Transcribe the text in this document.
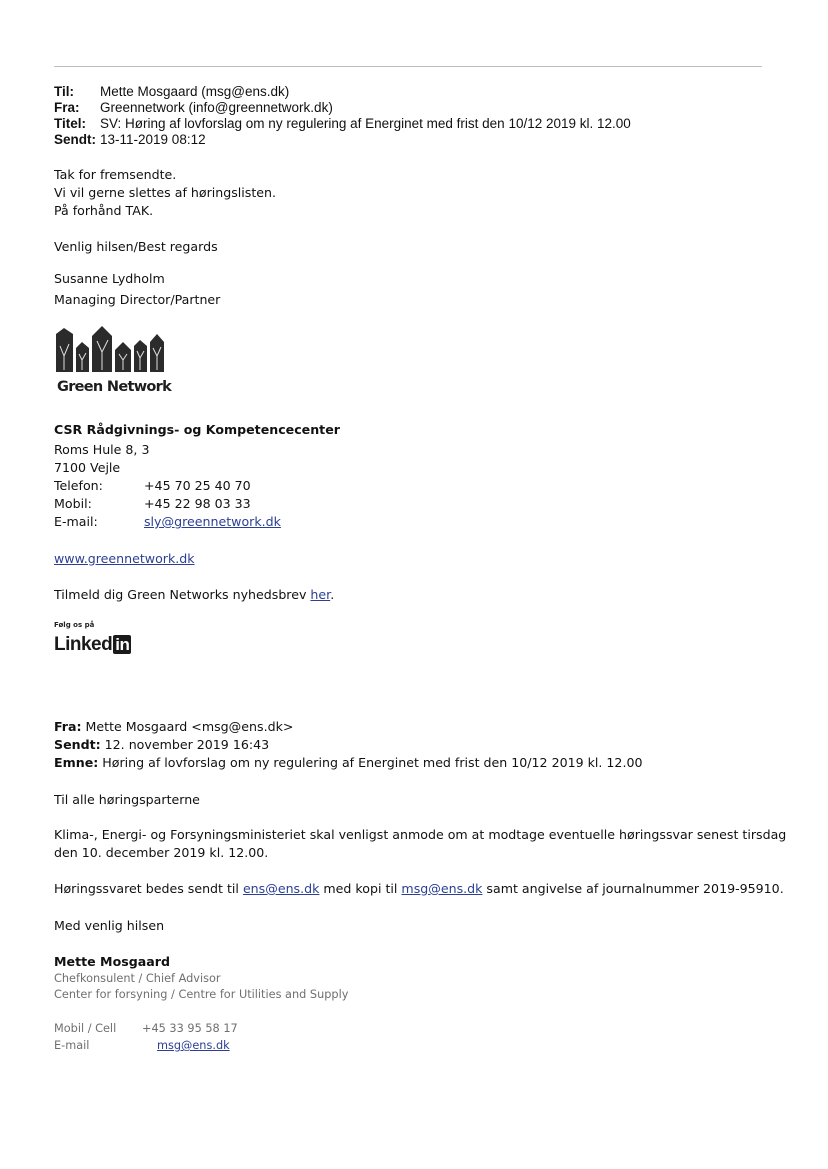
Til: Mette Mosgaard (msg@ens.dk)
Fra: Greennetwork (info@greennetwork.dk)
Titel: SV: Høring af lovforslag om ny regulering af Energinet med frist den 10/12 2019 kl. 12.00
Sendt: 13-11-2019 08:12
Tak for fremsendte.
Vi vil gerne slettes af høringslisten.
På forhånd TAK.
Venlig hilsen/Best regards
Susanne Lydholm
Managing Director/Partner
Green Network
CSR Rådgivnings- og Kompetencecenter
Roms Hule 8, 3
7100 Vejle
Telefon:	+45 70 25 40 70
Mobil:	+45 22 98 03 33
E-mail:	sly@greennetwork.dk
www.greennetwork.dk
Tilmeld dig Green Networks nyhedsbrev her.
Følg os på
Linked in
Fra: Mette Mosgaard <msg@ens.dk>
Sendt: 12. november 2019 16:43
Emne: Høring af lovforslag om ny regulering af Energinet med frist den 10/12 2019 kl. 12.00
Til alle høringsparterne
Klima-, Energi- og Forsyningsministeriet skal venligst anmode om at modtage eventuelle høringssvar senest tirsdag
den 10. december 2019 kl. 12.00.
Høringssvaret bedes sendt til ens@ens.dk med kopi til msg@ens.dk samt angivelse af journalnummer 2019-95910.
Med venlig hilsen
Mette Mosgaard
Chefkonsulent / Chief Advisor
Center for forsyning / Centre for Utilities and Supply
Mobil / Cell +45 33 95 58 17
E-mail	msg@ens.dk
